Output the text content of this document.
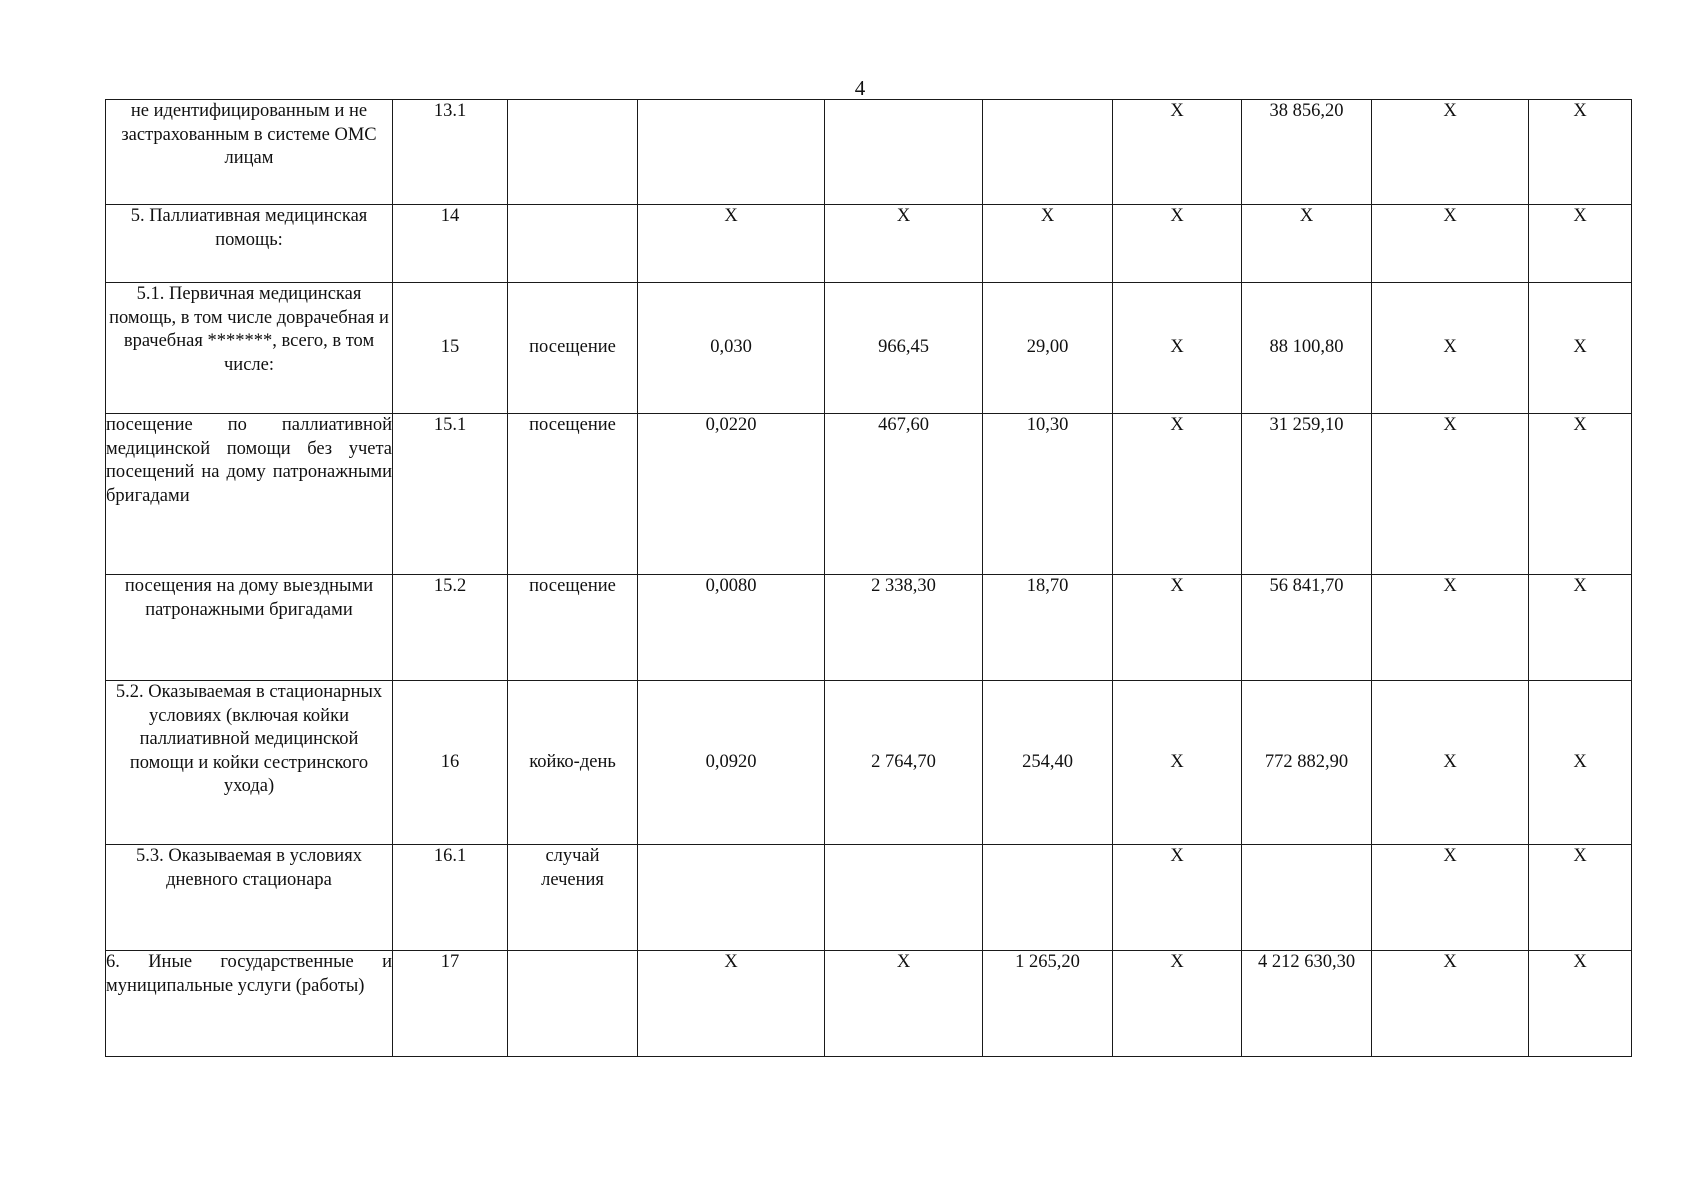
4
не идентифицированным и не застрахованным в системе ОМС лицам	13.1					X	38 856,20	X	X
5. Паллиативная медицинская помощь:	14		X	X	X	X	X	X	X
5.1. Первичная медицинская помощь, в том числе доврачебная и врачебная *******, всего, в том числе:	15	посещение	0,030	966,45	29,00	X	88 100,80	X	X
посещение по паллиативной медицинской помощи без учета посещений на дому патронажными бригадами	15.1	посещение	0,0220	467,60	10,30	X	31 259,10	X	X
посещения на дому выездными патронажными бригадами	15.2	посещение	0,0080	2 338,30	18,70	X	56 841,70	X	X
5.2. Оказываемая в стационарных условиях (включая койки паллиативной медицинской помощи и койки сестринского ухода)	16	койко-день	0,0920	2 764,70	254,40	X	772 882,90	X	X
5.3. Оказываемая в условиях дневного стационара	16.1	случай лечения				X		X	X
6. Иные государственные и муниципальные услуги (работы)	17		X	X	1 265,20	X	4 212 630,30	X	X
